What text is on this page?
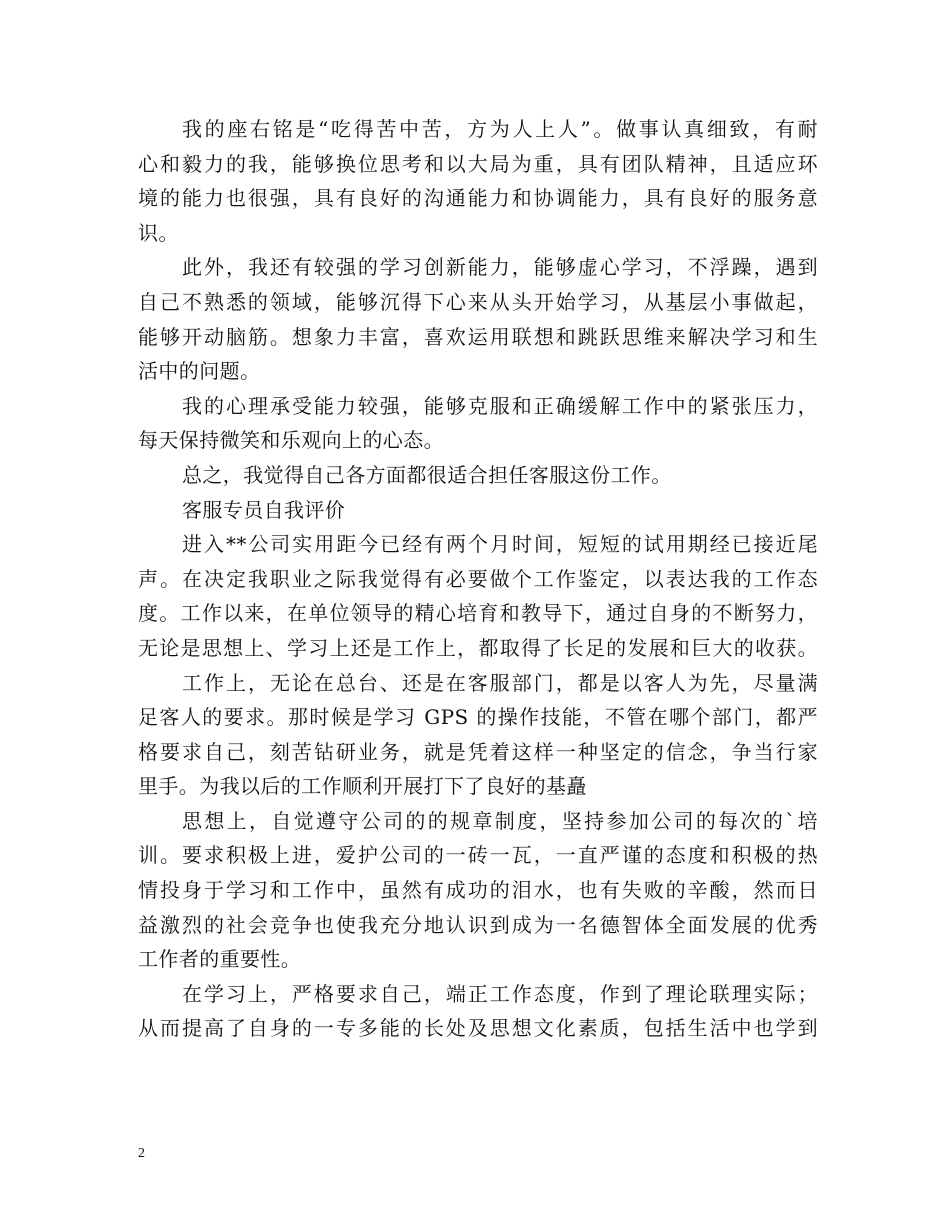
我的座右铭是“吃得苦中苦，方为人上人”。做事认真细致，有耐
心和毅力的我，能够换位思考和以大局为重，具有团队精神，且适应环
境的能力也很强，具有良好的沟通能力和协调能力，具有良好的服务意
识。
此外，我还有较强的学习创新能力，能够虚心学习，不浮躁，遇到
自己不熟悉的领域，能够沉得下心来从头开始学习，从基层小事做起，
能够开动脑筋。想象力丰富，喜欢运用联想和跳跃思维来解决学习和生
活中的问题。
我的心理承受能力较强，能够克服和正确缓解工作中的紧张压力，
每天保持微笑和乐观向上的心态。
总之，我觉得自己各方面都很适合担任客服这份工作。
客服专员自我评价
进入**公司实用距今已经有两个月时间，短短的试用期经已接近尾
声。在决定我职业之际我觉得有必要做个工作鉴定，以表达我的工作态
度。工作以来，在单位领导的精心培育和教导下，通过自身的不断努力，
无论是思想上、学习上还是工作上，都取得了长足的发展和巨大的收获。
工作上，无论在总台、还是在客服部门，都是以客人为先，尽量满
足客人的要求。那时候是学习 GPS 的操作技能，不管在哪个部门，都严
格要求自己，刻苦钻研业务，就是凭着这样一种坚定的信念，争当行家
里手。为我以后的工作顺利开展打下了良好的基矗
思想上，自觉遵守公司的的规章制度，坚持参加公司的每次的`培
训。要求积极上进，爱护公司的一砖一瓦，一直严谨的态度和积极的热
情投身于学习和工作中，虽然有成功的泪水，也有失败的辛酸，然而日
益激烈的社会竞争也使我充分地认识到成为一名德智体全面发展的优秀
工作者的重要性。
在学习上，严格要求自己，端正工作态度，作到了理论联理实际；
从而提高了自身的一专多能的长处及思想文化素质，包括生活中也学到
2
